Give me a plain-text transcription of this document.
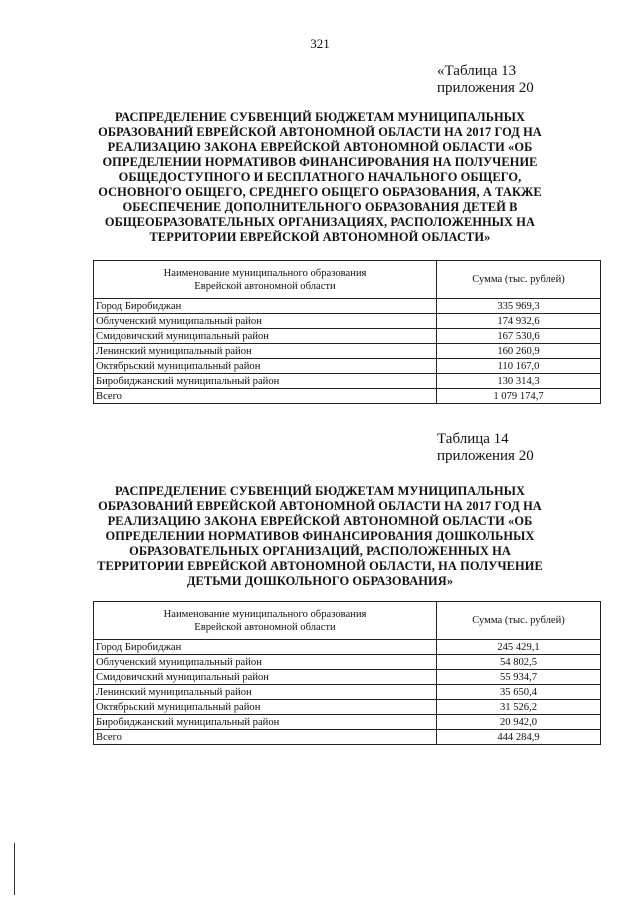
321
«Таблица 13
приложения 20
РАСПРЕДЕЛЕНИЕ СУБВЕНЦИЙ БЮДЖЕТАМ МУНИЦИПАЛЬНЫХ
ОБРАЗОВАНИЙ ЕВРЕЙСКОЙ АВТОНОМНОЙ ОБЛАСТИ НА 2017 ГОД НА
РЕАЛИЗАЦИЮ ЗАКОНА ЕВРЕЙСКОЙ АВТОНОМНОЙ ОБЛАСТИ «ОБ
ОПРЕДЕЛЕНИИ НОРМАТИВОВ ФИНАНСИРОВАНИЯ НА ПОЛУЧЕНИЕ
ОБЩЕДОСТУПНОГО И БЕСПЛАТНОГО НАЧАЛЬНОГО ОБЩЕГО,
ОСНОВНОГО ОБЩЕГО, СРЕДНЕГО ОБЩЕГО ОБРАЗОВАНИЯ, А ТАКЖЕ
ОБЕСПЕЧЕНИЕ ДОПОЛНИТЕЛЬНОГО ОБРАЗОВАНИЯ ДЕТЕЙ В
ОБЩЕОБРАЗОВАТЕЛЬНЫХ ОРГАНИЗАЦИЯХ, РАСПОЛОЖЕННЫХ НА
ТЕРРИТОРИИ ЕВРЕЙСКОЙ АВТОНОМНОЙ ОБЛАСТИ»
Наименование муниципального образования
Еврейской автономной области	Сумма (тыс. рублей)
Город Биробиджан	335 969,3
Облученский муниципальный район	174 932,6
Смидовичский муниципальный район	167 530,6
Ленинский муниципальный район	160 260,9
Октябрьский муниципальный район	110 167,0
Биробиджанский муниципальный район	130 314,3
Всего	1 079 174,7
Таблица 14
приложения 20
РАСПРЕДЕЛЕНИЕ СУБВЕНЦИЙ БЮДЖЕТАМ МУНИЦИПАЛЬНЫХ
ОБРАЗОВАНИЙ ЕВРЕЙСКОЙ АВТОНОМНОЙ ОБЛАСТИ НА 2017 ГОД НА
РЕАЛИЗАЦИЮ ЗАКОНА ЕВРЕЙСКОЙ АВТОНОМНОЙ ОБЛАСТИ «ОБ
ОПРЕДЕЛЕНИИ НОРМАТИВОВ ФИНАНСИРОВАНИЯ ДОШКОЛЬНЫХ
ОБРАЗОВАТЕЛЬНЫХ ОРГАНИЗАЦИЙ, РАСПОЛОЖЕННЫХ НА
ТЕРРИТОРИИ ЕВРЕЙСКОЙ АВТОНОМНОЙ ОБЛАСТИ, НА ПОЛУЧЕНИЕ
ДЕТЬМИ ДОШКОЛЬНОГО ОБРАЗОВАНИЯ»
Наименование муниципального образования
Еврейской автономной области	Сумма (тыс. рублей)
Город Биробиджан	245 429,1
Облученский муниципальный район	54 802,5
Смидовичский муниципальный район	55 934,7
Ленинский муниципальный район	35 650,4
Октябрьский муниципальный район	31 526,2
Биробиджанский муниципальный район	20 942,0
Всего	444 284,9
